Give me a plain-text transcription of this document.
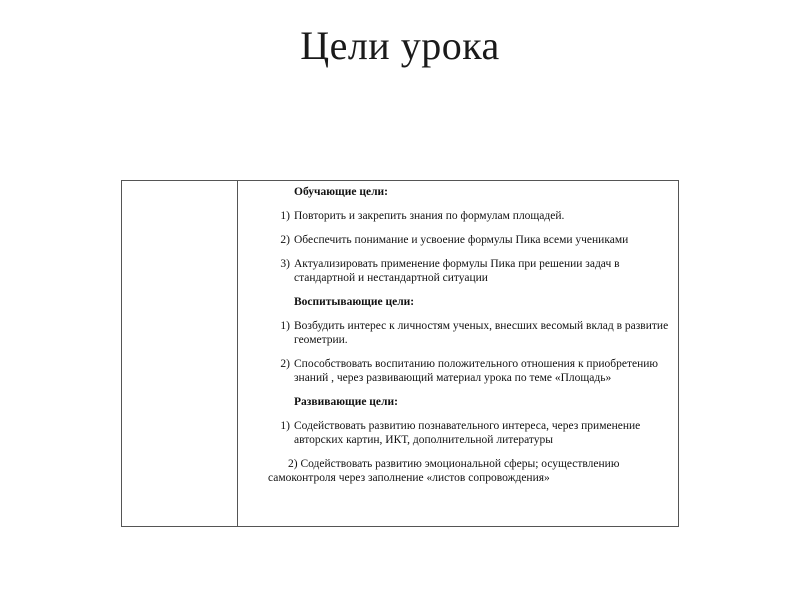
Цели урока
Обучающие цели:
1) Повторить и закрепить знания по формулам площадей.
2) Обеспечить понимание и усвоение формулы Пика всеми учениками
3) Актуализировать применение формулы Пика при решении задач в стандартной и нестандартной ситуации
Воспитывающие цели:
1) Возбудить интерес к личностям ученых, внесших весомый вклад в развитие геометрии.
2) Способствовать воспитанию положительного отношения к приобретению знаний , через развивающий материал урока по теме «Площадь»
Развивающие цели:
1) Содействовать развитию познавательного интереса, через применение авторских картин, ИКТ, дополнительной литературы
2) Содействовать развитию эмоциональной сферы; осуществлению самоконтроля через заполнение «листов сопровождения»
